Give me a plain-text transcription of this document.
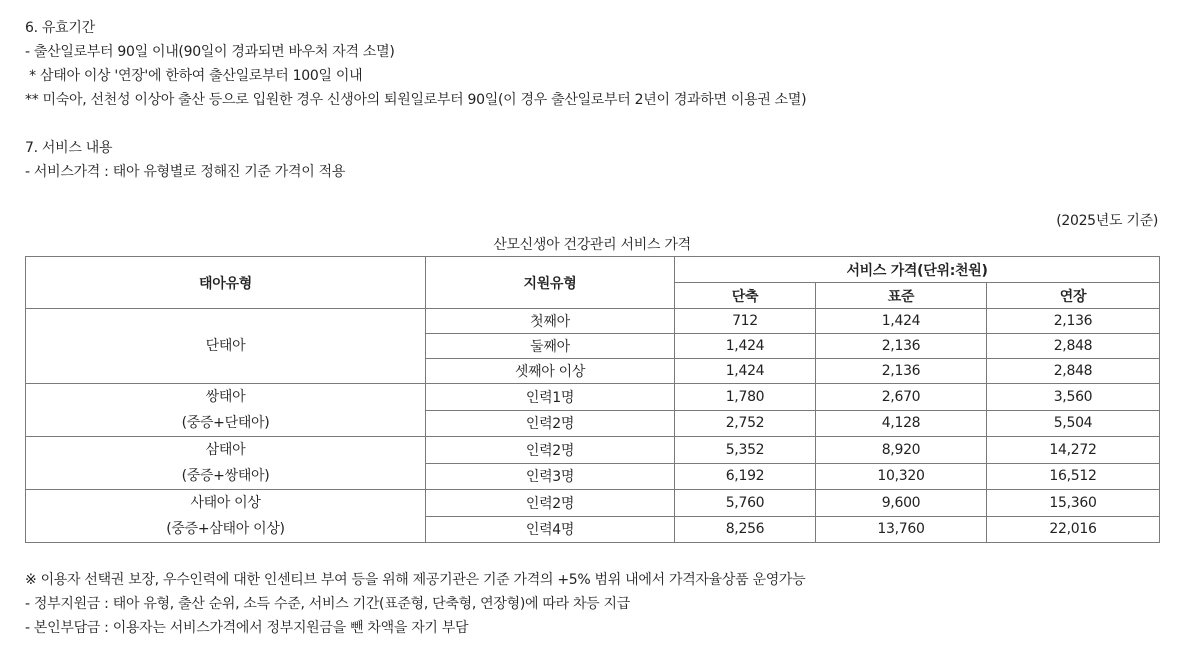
6. 유효기간
- 출산일로부터 90일 이내(90일이 경과되면 바우처 자격 소멸)
* 삼태아 이상 '연장'에 한하여 출산일로부터 100일 이내
** 미숙아, 선천성 이상아 출산 등으로 입원한 경우 신생아의 퇴원일로부터 90일(이 경우 출산일로부터 2년이 경과하면 이용권 소멸)
7. 서비스 내용
- 서비스가격 : 태아 유형별로 정해진 기준 가격이 적용
(2025년도 기준)
산모신생아 건강관리 서비스 가격
태아유형	지원유형	서비스 가격(단위:천원)		
		단축	표준	연장

단태아	첫째아	712	1,424	2,136
	둘째아	1,424	2,136	2,848
	셋째아 이상	1,424	2,136	2,848

쌍태아
(중증+단태아)	인력1명	1,780	2,670	3,560
	인력2명	2,752	4,128	5,504

삼태아
(중증+쌍태아)	인력2명	5,352	8,920	14,272
	인력3명	6,192	10,320	16,512

사태아 이상
(중증+삼태아 이상)	인력2명	5,760	9,600	15,360
	인력4명	8,256	13,760	22,016
※ 이용자 선택권 보장, 우수인력에 대한 인센티브 부여 등을 위해 제공기관은 기준 가격의 +5% 범위 내에서 가격자율상품 운영가능
- 정부지원금 : 태아 유형, 출산 순위, 소득 수준, 서비스 기간(표준형, 단축형, 연장형)에 따라 차등 지급
- 본인부담금 : 이용자는 서비스가격에서 정부지원금을 뺀 차액을 자기 부담
